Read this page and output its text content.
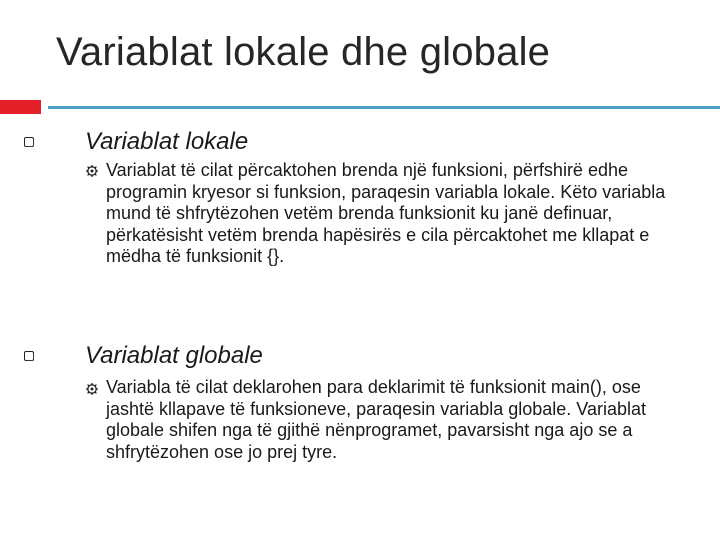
Variablat lokale dhe globale
Variablat lokale
Variablat të cilat përcaktohen brenda një funksioni, përfshirë edhe programin kryesor si funksion, paraqesin variabla lokale. Këto variabla mund të shfrytëzohen vetëm brenda funksionit ku janë definuar, përkatësisht vetëm brenda hapësirës e cila përcaktohet me kllapat e mëdha të funksionit {}.
Variablat globale
Variabla të cilat deklarohen para deklarimit të funksionit main(), ose jashtë kllapave të funksioneve, paraqesin variabla globale. Variablat globale shifen nga të gjithë nënprogramet, pavarsisht nga ajo se a shfrytëzohen ose jo prej tyre.
